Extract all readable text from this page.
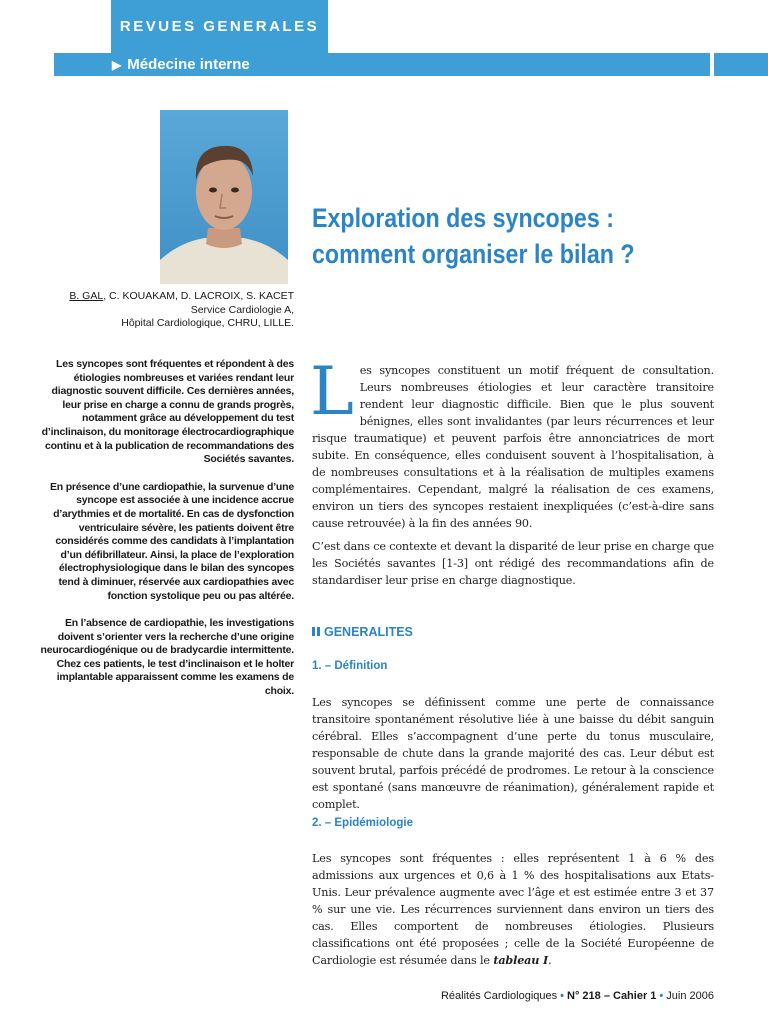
REVUES GENERALES
▶ Médecine interne
Exploration des syncopes :
comment organiser le bilan ?
B. GAL, C. KOUAKAM, D. LACROIX, S. KACET
Service Cardiologie A,
Hôpital Cardiologique, CHRU, LILLE.

Les syncopes sont fréquentes et répondent à des étiologies nombreuses et variées rendant leur diagnostic souvent difficile. Ces dernières années, leur prise en charge a connu de grands progrès, notamment grâce au développement du test d’inclinaison, du monitorage électrocardiographique continu et à la publication de recommandations des Sociétés savantes.

En présence d’une cardiopathie, la survenue d’une syncope est associée à une incidence accrue d’arythmies et de mortalité. En cas de dysfonction ventriculaire sévère, les patients doivent être considérés comme des candidats à l’implantation d’un défibrillateur. Ainsi, la place de l’exploration électrophysiologique dans le bilan des syncopes tend à diminuer, réservée aux cardiopathies avec fonction systolique peu ou pas altérée.

En l’absence de cardiopathie, les investigations doivent s’orienter vers la recherche d’une origine neurocardiogénique ou de bradycardie intermittente. Chez ces patients, le test d’inclinaison et le holter implantable apparaissent comme les examens de choix.

Les syncopes constituent un motif fréquent de consultation. Leurs nombreuses étiologies et leur caractère transitoire rendent leur diagnostic difficile. Bien que le plus souvent bénignes, elles sont invalidantes (par leurs récurrences et leur risque traumatique) et peuvent parfois être annonciatrices de mort subite. En conséquence, elles conduisent souvent à l’hospitalisation, à de nombreuses consultations et à la réalisation de multiples examens complémentaires. Cependant, malgré la réalisation de ces examens, environ un tiers des syncopes restaient inexpliquées (c’est-à-dire sans cause retrouvée) à la fin des années 90.

C’est dans ce contexte et devant la disparité de leur prise en charge que les Sociétés savantes [1-3] ont rédigé des recommandations afin de standardiser leur prise en charge diagnostique.
GENERALITES
1. – Définition
Les syncopes se définissent comme une perte de connaissance transitoire spontanément résolutive liée à une baisse du débit sanguin cérébral. Elles s’accompagnent d’une perte du tonus musculaire, responsable de chute dans la grande majorité des cas. Leur début est souvent brutal, parfois précédé de prodromes. Le retour à la conscience est spontané (sans manœuvre de réanimation), généralement rapide et complet.
2. – Epidémiologie
Les syncopes sont fréquentes : elles représentent 1 à 6 % des admissions aux urgences et 0,6 à 1 % des hospitalisations aux Etats-Unis. Leur prévalence augmente avec l’âge et est estimée entre 3 et 37 % sur une vie. Les récurrences surviennent dans environ un tiers des cas. Elles comportent de nombreuses étiologies. Plusieurs classifications ont été proposées ; celle de la Société Européenne de Cardiologie est résumée dans le tableau I.
Réalités Cardiologiques • N° 218 – Cahier 1 • Juin 2006
